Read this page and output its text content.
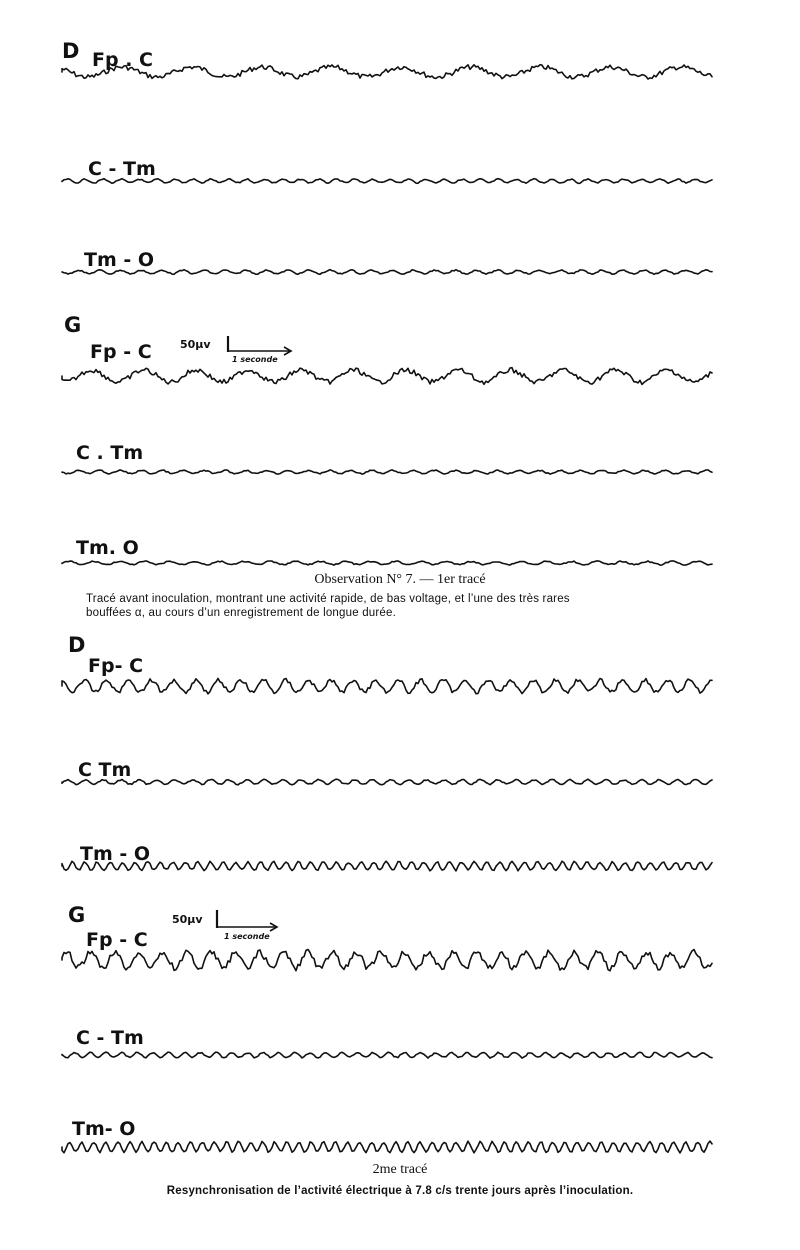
D Fp . C
C - Tm
Tm - O
G
Fp - C
C . Tm
Tm. O
50µv
1 seconde
D
Fp- C
C Tm
Tm - O
G
Fp - C
C - Tm
Tm- O
50µv
1 seconde
Observation N° 7. — 1er tracé
Tracé avant inoculation, montrant une activité rapide, de bas voltage, et l’une des très rares
bouffées α, au cours d’un enregistrement de longue durée.
2me tracé
Resynchronisation de l’activité électrique à 7.8 c/s trente jours après l’inoculation.
